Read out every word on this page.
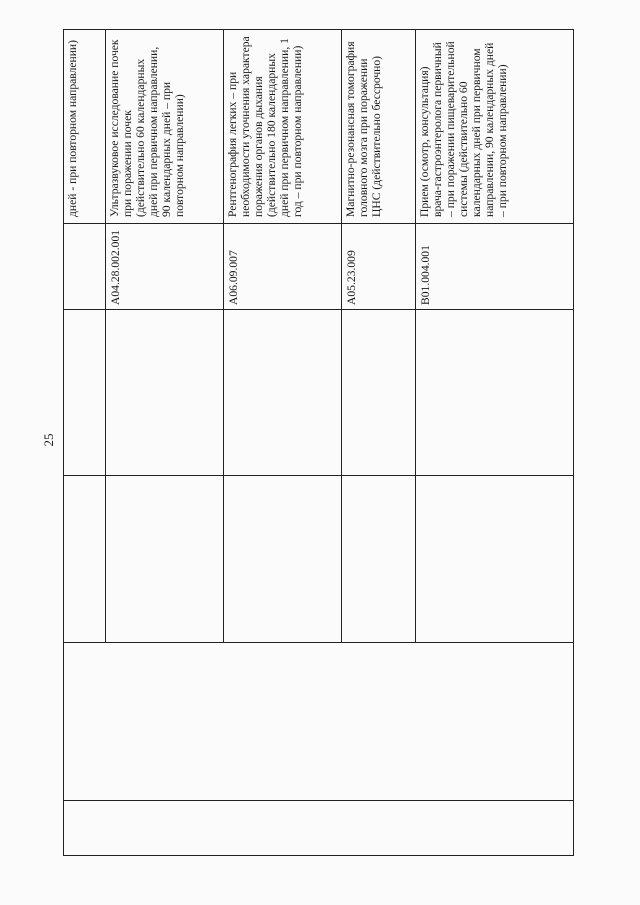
25
					дней - при повторном направлении)
				A04.28.002.001	Ультразвуковое исследование почек при поражении почек (действительно 60 календарных дней при первичном направлении, 90 календарных дней – при повторном направлении)
				A06.09.007	Рентгенография легких – при необходимости уточнения характера поражения органов дыхания (действительно 180 календарных дней при первичном направлении, 1 год – при повторном направлении)
				A05.23.009	Магнитно-резонансная томография головного мозга при поражении ЦНС (действительно бессрочно)
				B01.004.001	Прием (осмотр, консультация) врача-гастроэнтеролога первичный – при поражении пищеварительной системы (действительно 60 календарных дней при первичном направлении, 90 календарных дней – при повторном направлении)
